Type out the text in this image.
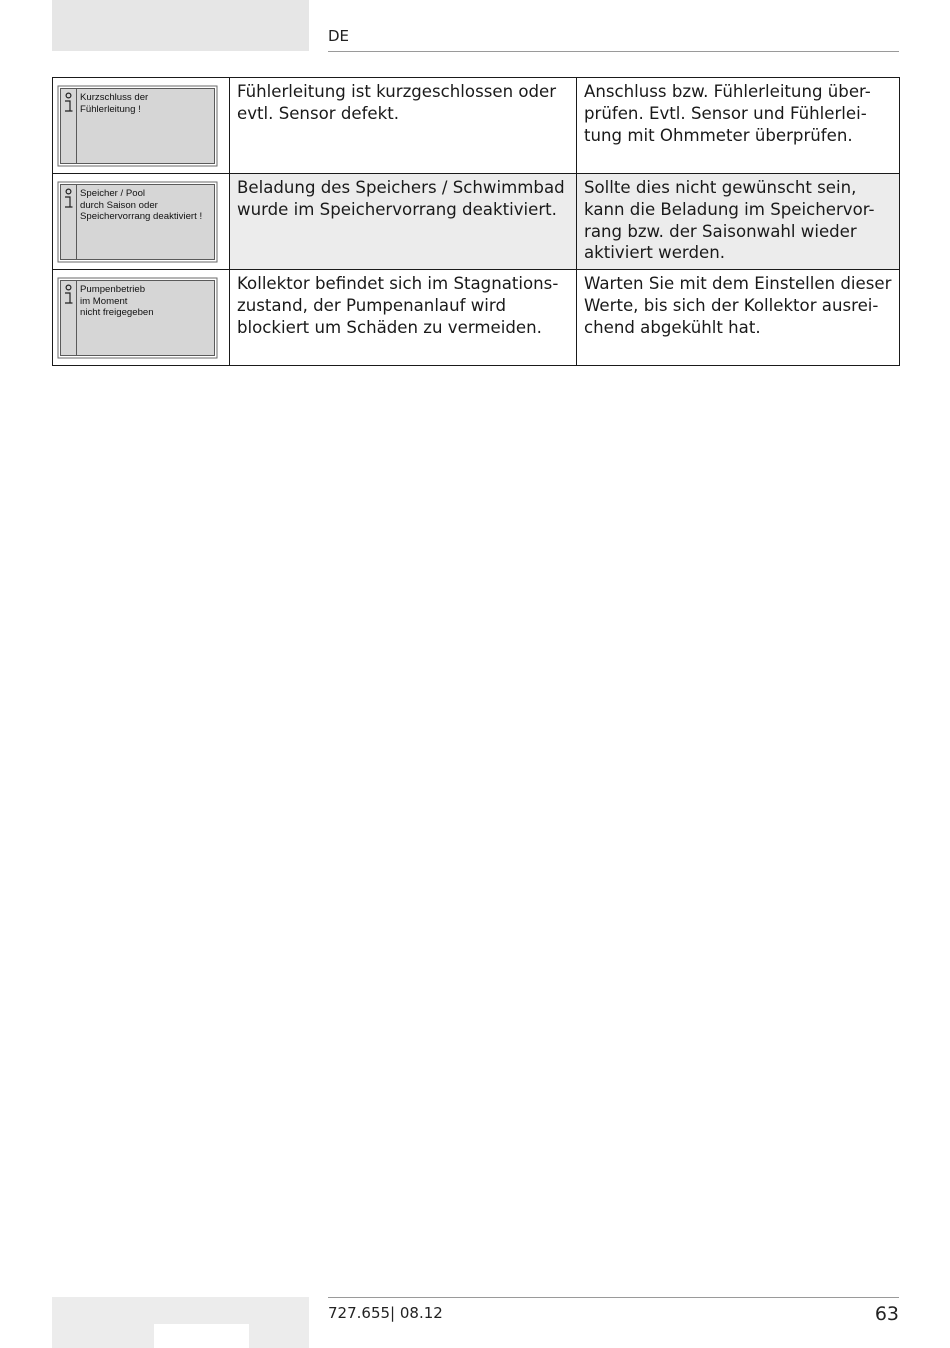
DE
Kurzschluss der
Fühlerleitung !	Fühlerleitung ist kurzgeschlossen oder evtl. Sensor defekt.	Anschluss bzw. Fühlerleitung über-prüfen. Evtl. Sensor und Fühlerlei-tung mit Ohmmeter überprüfen.

Speicher / Pool
durch Saison oder
Speichervorrang deaktiviert !	Beladung des Speichers / Schwimmbad wurde im Speichervorrang deaktiviert.	Sollte dies nicht gewünscht sein, kann die Beladung im Speichervor-rang bzw. der Saisonwahl wieder aktiviert werden.

Pumpenbetrieb
im Moment
nicht freigegeben	Kollektor befindet sich im Stagnations-zustand, der Pumpenanlauf wird blockiert um Schäden zu vermeiden.	Warten Sie mit dem Einstellen dieser Werte, bis sich der Kollektor ausrei-chend abgekühlt hat.
727.655| 08.12	63
